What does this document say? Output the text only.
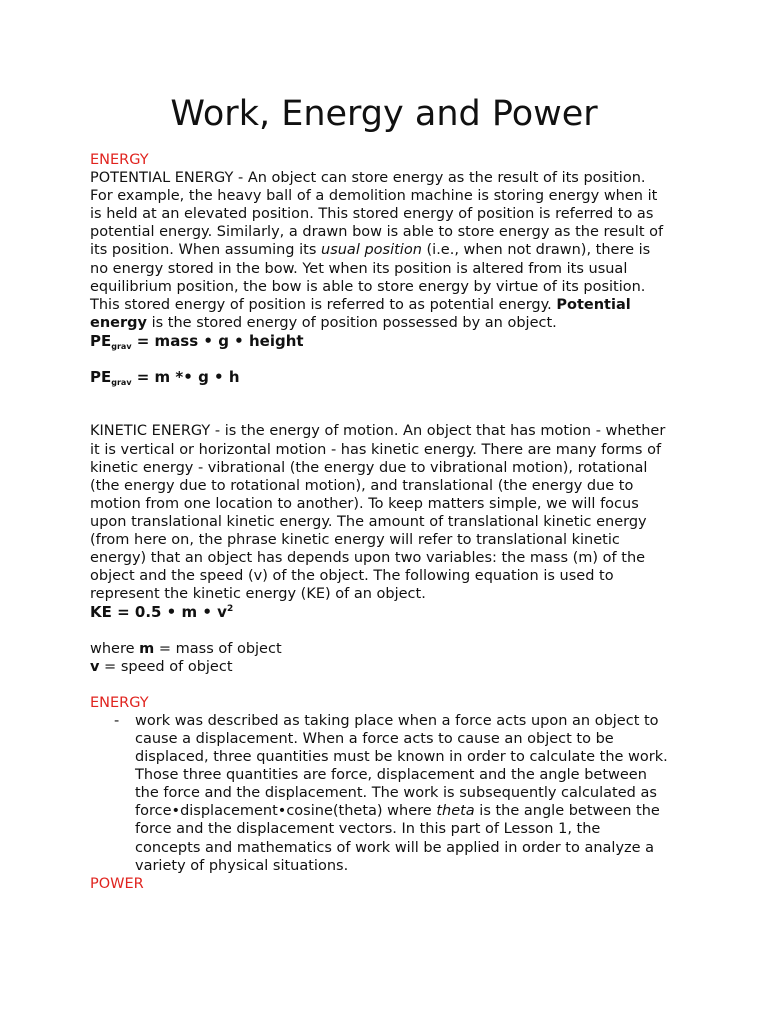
Work, Energy and Power

ENERGY

POTENTIAL ENERGY - An object can store energy as the result of its position. For example, the heavy ball of a demolition machine is storing energy when it is held at an elevated position. This stored energy of position is referred to as potential energy. Similarly, a drawn bow is able to store energy as the result of its position. When assuming its usual position (i.e., when not drawn), there is no energy stored in the bow. Yet when its position is altered from its usual equilibrium position, the bow is able to store energy by virtue of its position. This stored energy of position is referred to as potential energy. Potential energy is the stored energy of position possessed by an object.

$PE_{grav}$ = mass • g • height

$PE_{grav} = m$ *• g • h

KINETIC ENERGY - is the energy of motion. An object that has motion - whether it is vertical or horizontal motion - has kinetic energy. There are many forms of kinetic energy - vibrational (the energy due to vibrational motion), rotational (the energy due to rotational motion), and translational (the energy due to motion from one location to another). To keep matters simple, we will focus upon translational kinetic energy. The amount of translational kinetic energy (from here on, the phrase kinetic energy will refer to translational kinetic energy) that an object has depends upon two variables: the mass (m) of the object and the speed (v) of the object. The following equation is used to represent the kinetic energy (KE) of an object.

KE = 0.5 • m • $v^2$

where m = mass of object

v = speed of object

ENERGY

- work was described as taking place when a force acts upon an object to cause a displacement. When a force acts to cause an object to be displaced, three quantities must be known in order to calculate the work. Those three quantities are force, displacement and the angle between the force and the displacement. The work is subsequently calculated as force•displacement•cosine(theta) where theta is the angle between the force and the displacement vectors. In this part of Lesson 1, the concepts and mathematics of work will be applied in order to analyze a variety of physical situations.

POWER
